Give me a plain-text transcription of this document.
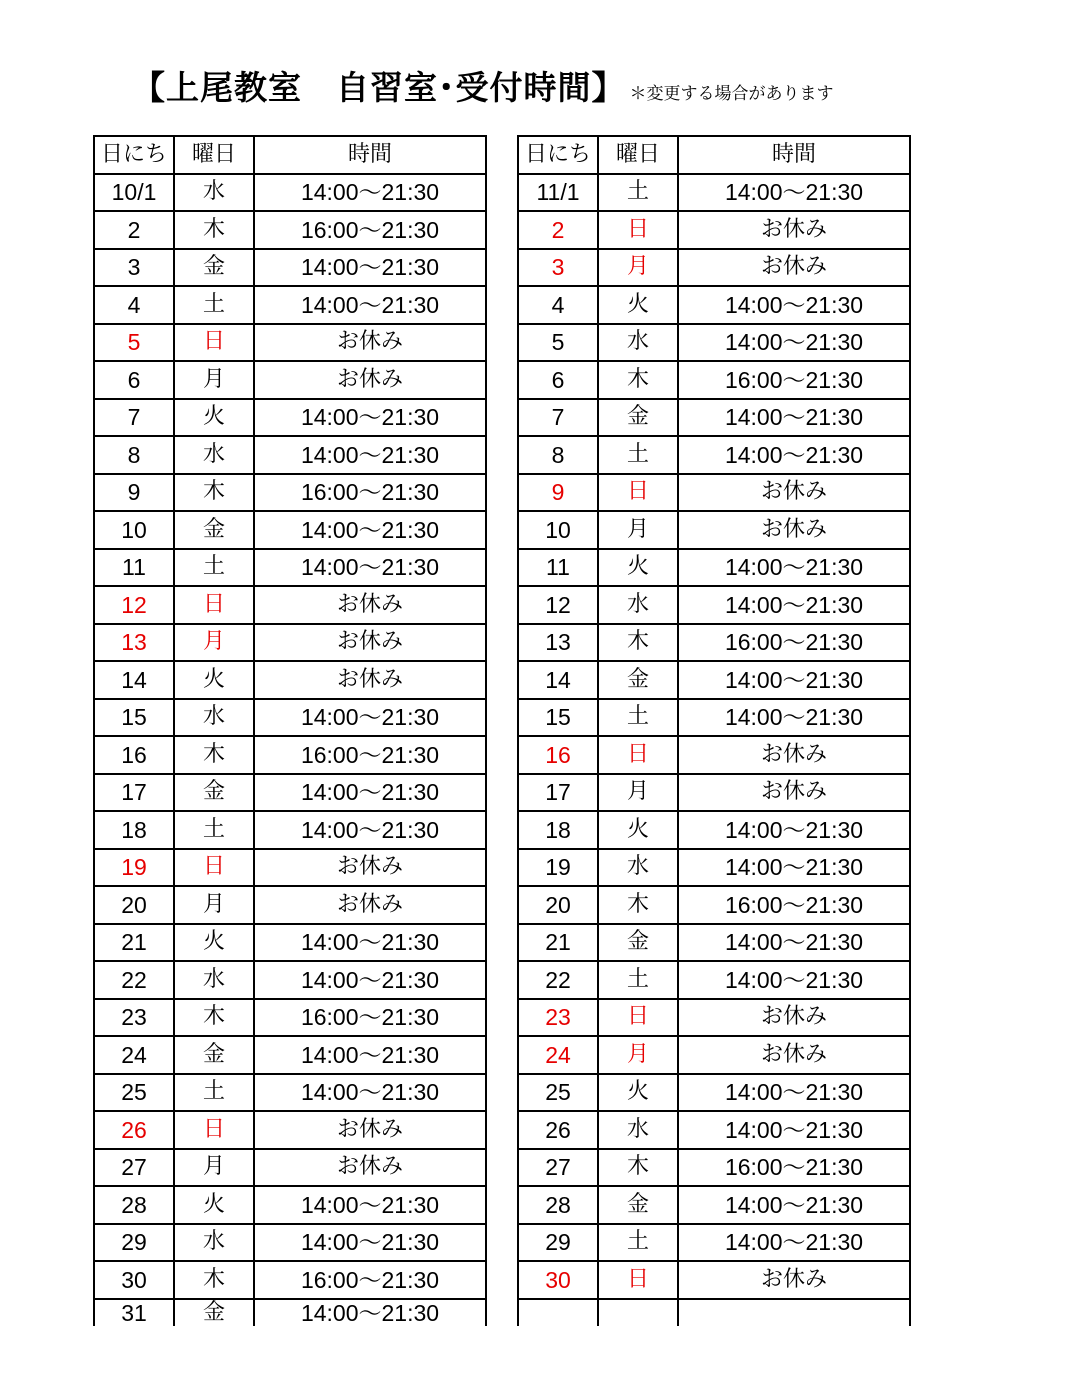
【上尾教室　自習室･受付時間】 ＊変更する場合があります
日にち	曜日	時間
10/1	水	14:00〜21:30
2	木	16:00〜21:30
3	金	14:00〜21:30
4	土	14:00〜21:30
5	日	お休み
6	月	お休み
7	火	14:00〜21:30
8	水	14:00〜21:30
9	木	16:00〜21:30
10	金	14:00〜21:30
11	土	14:00〜21:30
12	日	お休み
13	月	お休み
14	火	お休み
15	水	14:00〜21:30
16	木	16:00〜21:30
17	金	14:00〜21:30
18	土	14:00〜21:30
19	日	お休み
20	月	お休み
21	火	14:00〜21:30
22	水	14:00〜21:30
23	木	16:00〜21:30
24	金	14:00〜21:30
25	土	14:00〜21:30
26	日	お休み
27	月	お休み
28	火	14:00〜21:30
29	水	14:00〜21:30
30	木	16:00〜21:30
31	金	14:00〜21:30
日にち	曜日	時間
11/1	土	14:00〜21:30
2	日	お休み
3	月	お休み
4	火	14:00〜21:30
5	水	14:00〜21:30
6	木	16:00〜21:30
7	金	14:00〜21:30
8	土	14:00〜21:30
9	日	お休み
10	月	お休み
11	火	14:00〜21:30
12	水	14:00〜21:30
13	木	16:00〜21:30
14	金	14:00〜21:30
15	土	14:00〜21:30
16	日	お休み
17	月	お休み
18	火	14:00〜21:30
19	水	14:00〜21:30
20	木	16:00〜21:30
21	金	14:00〜21:30
22	土	14:00〜21:30
23	日	お休み
24	月	お休み
25	火	14:00〜21:30
26	水	14:00〜21:30
27	木	16:00〜21:30
28	金	14:00〜21:30
29	土	14:00〜21:30
30	日	お休み
